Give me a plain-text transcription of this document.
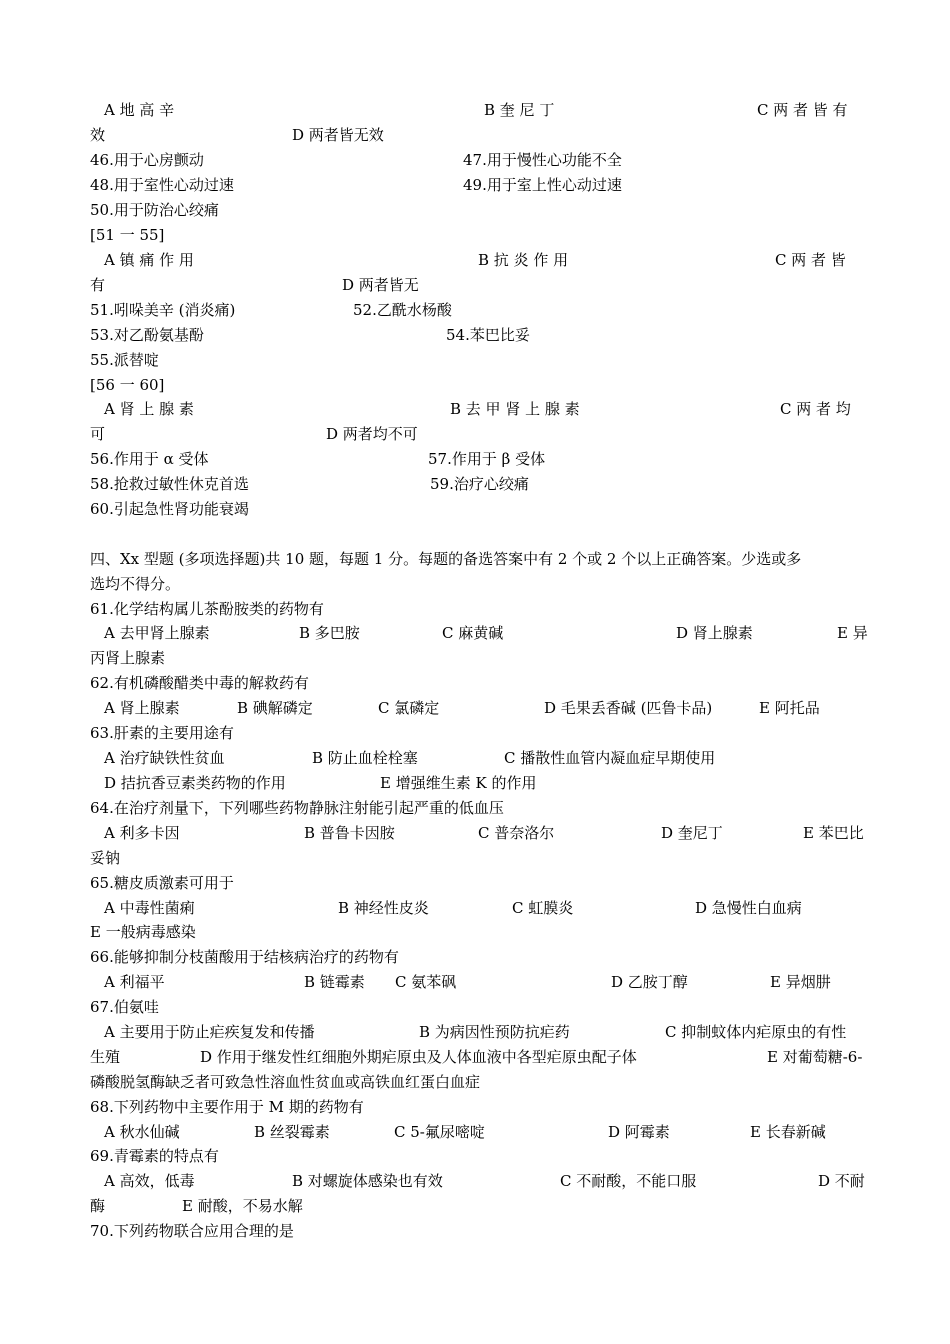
A 地 高 辛	B 奎 尼 丁	C 两 者 皆 有
效	D 两者皆无效
46.用于心房颤动	47.用于慢性心功能不全
48.用于室性心动过速	49.用于室上性心动过速
50.用于防治心绞痛
[51 一 55]
A 镇 痛 作 用	B 抗 炎 作 用	C 两 者 皆
有	D 两者皆无
51.吲哚美辛 (消炎痛)	52.乙酰水杨酸
53.对乙酚氨基酚	54.苯巴比妥
55.派替啶
[56 一 60]
A 肾 上 腺 素	B 去 甲 肾 上 腺 素	C 两 者 均
可	D 两者均不可
56.作用于 α 受体	57.作用于 β 受体
58.抢救过敏性休克首选	59.治疗心绞痛
60.引起急性肾功能衰竭
四、Xx 型题 (多项选择题)共 10 题，每题 1 分。每题的备选答案中有 2 个或 2 个以上正确答案。少选或多
选均不得分。
61.化学结构属儿茶酚胺类的药物有
A 去甲肾上腺素	B 多巴胺	C 麻黄碱	D 肾上腺素	E 异
丙肾上腺素
62.有机磷酸醋类中毒的解救药有
A 肾上腺素	B 碘解磷定	C 氯磷定	D 毛果丢香碱 (匹鲁卡品)	E 阿托品
63.肝素的主要用途有
A 治疗缺铁性贫血	B 防止血栓栓塞	C 播散性血管内凝血症早期使用
D 拮抗香豆素类药物的作用	E 增强维生素 K 的作用
64.在治疗剂量下，下列哪些药物静脉注射能引起严重的低血压
A 利多卡因	B 普鲁卡因胺	C 普奈洛尔	D 奎尼丁	E 苯巴比
妥钠
65.糖皮质激素可用于
A 中毒性菌痢	B 神经性皮炎	C 虹膜炎	D 急慢性白血病
E 一般病毒感染
66.能够抑制分枝菌酸用于结核病治疗的药物有
A 利福平	B 链霉素 C 氨苯砜	D 乙胺丁醇	E 异烟肼
67.伯氨哇
A 主要用于防止疟疾复发和传播	B 为病因性预防抗疟药	C 抑制蚊体内疟原虫的有性
生殖	D 作用于继发性红细胞外期疟原虫及人体血液中各型疟原虫配子体	E 对葡萄糖-6-
磷酸脱氢酶缺乏者可致急性溶血性贫血或高铁血红蛋白血症
68.下列药物中主要作用于 M 期的药物有
A 秋水仙碱	B 丝裂霉素	C 5-氟尿嘧啶	D 阿霉素	E 长春新碱
69.青霉素的特点有
A 高效，低毒	B 对螺旋体感染也有效	C 不耐酸，不能口服	D 不耐
酶	E 耐酸，不易水解
70.下列药物联合应用合理的是
